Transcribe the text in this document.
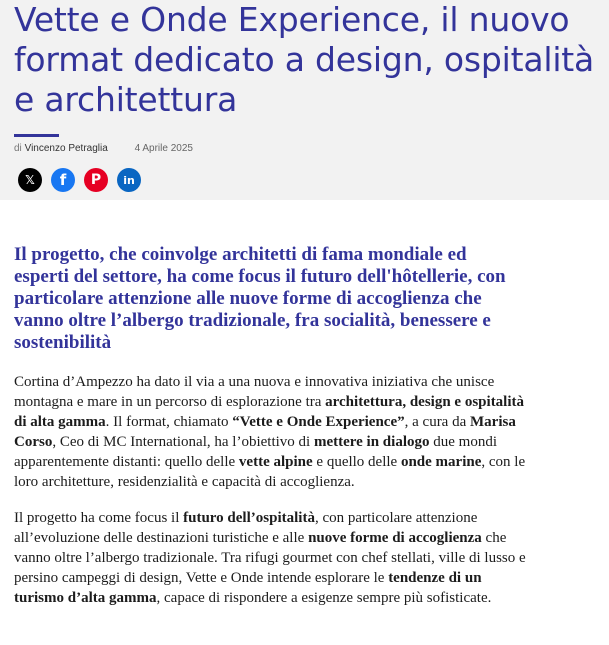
Vette e Onde Experience, il nuovo format dedicato a design, ospitalità e architettura
di Vincenzo Petraglia	4 Aprile 2025
𝕏	f	P	in

Il progetto, che coinvolge architetti di fama mondiale ed esperti del settore, ha come focus il futuro dell'hôtellerie, con particolare attenzione alle nuove forme di accoglienza che vanno oltre l’albergo tradizionale, fra socialità, benessere e sostenibilità

Cortina d’Ampezzo ha dato il via a una nuova e innovativa iniziativa che unisce montagna e mare in un percorso di esplorazione tra architettura, design e ospitalità di alta gamma. Il format, chiamato “Vette e Onde Experience”, a cura da Marisa Corso, Ceo di MC International, ha l’obiettivo di mettere in dialogo due mondi apparentemente distanti: quello delle vette alpine e quello delle onde marine, con le loro architetture, residenzialità e capacità di accoglienza.

Il progetto ha come focus il futuro dell’ospitalità, con particolare attenzione all’evoluzione delle destinazioni turistiche e alle nuove forme di accoglienza che vanno oltre l’albergo tradizionale. Tra rifugi gourmet con chef stellati, ville di lusso e persino campeggi di design, Vette e Onde intende esplorare le tendenze di un turismo d’alta gamma, capace di rispondere a esigenze sempre più sofisticate.
